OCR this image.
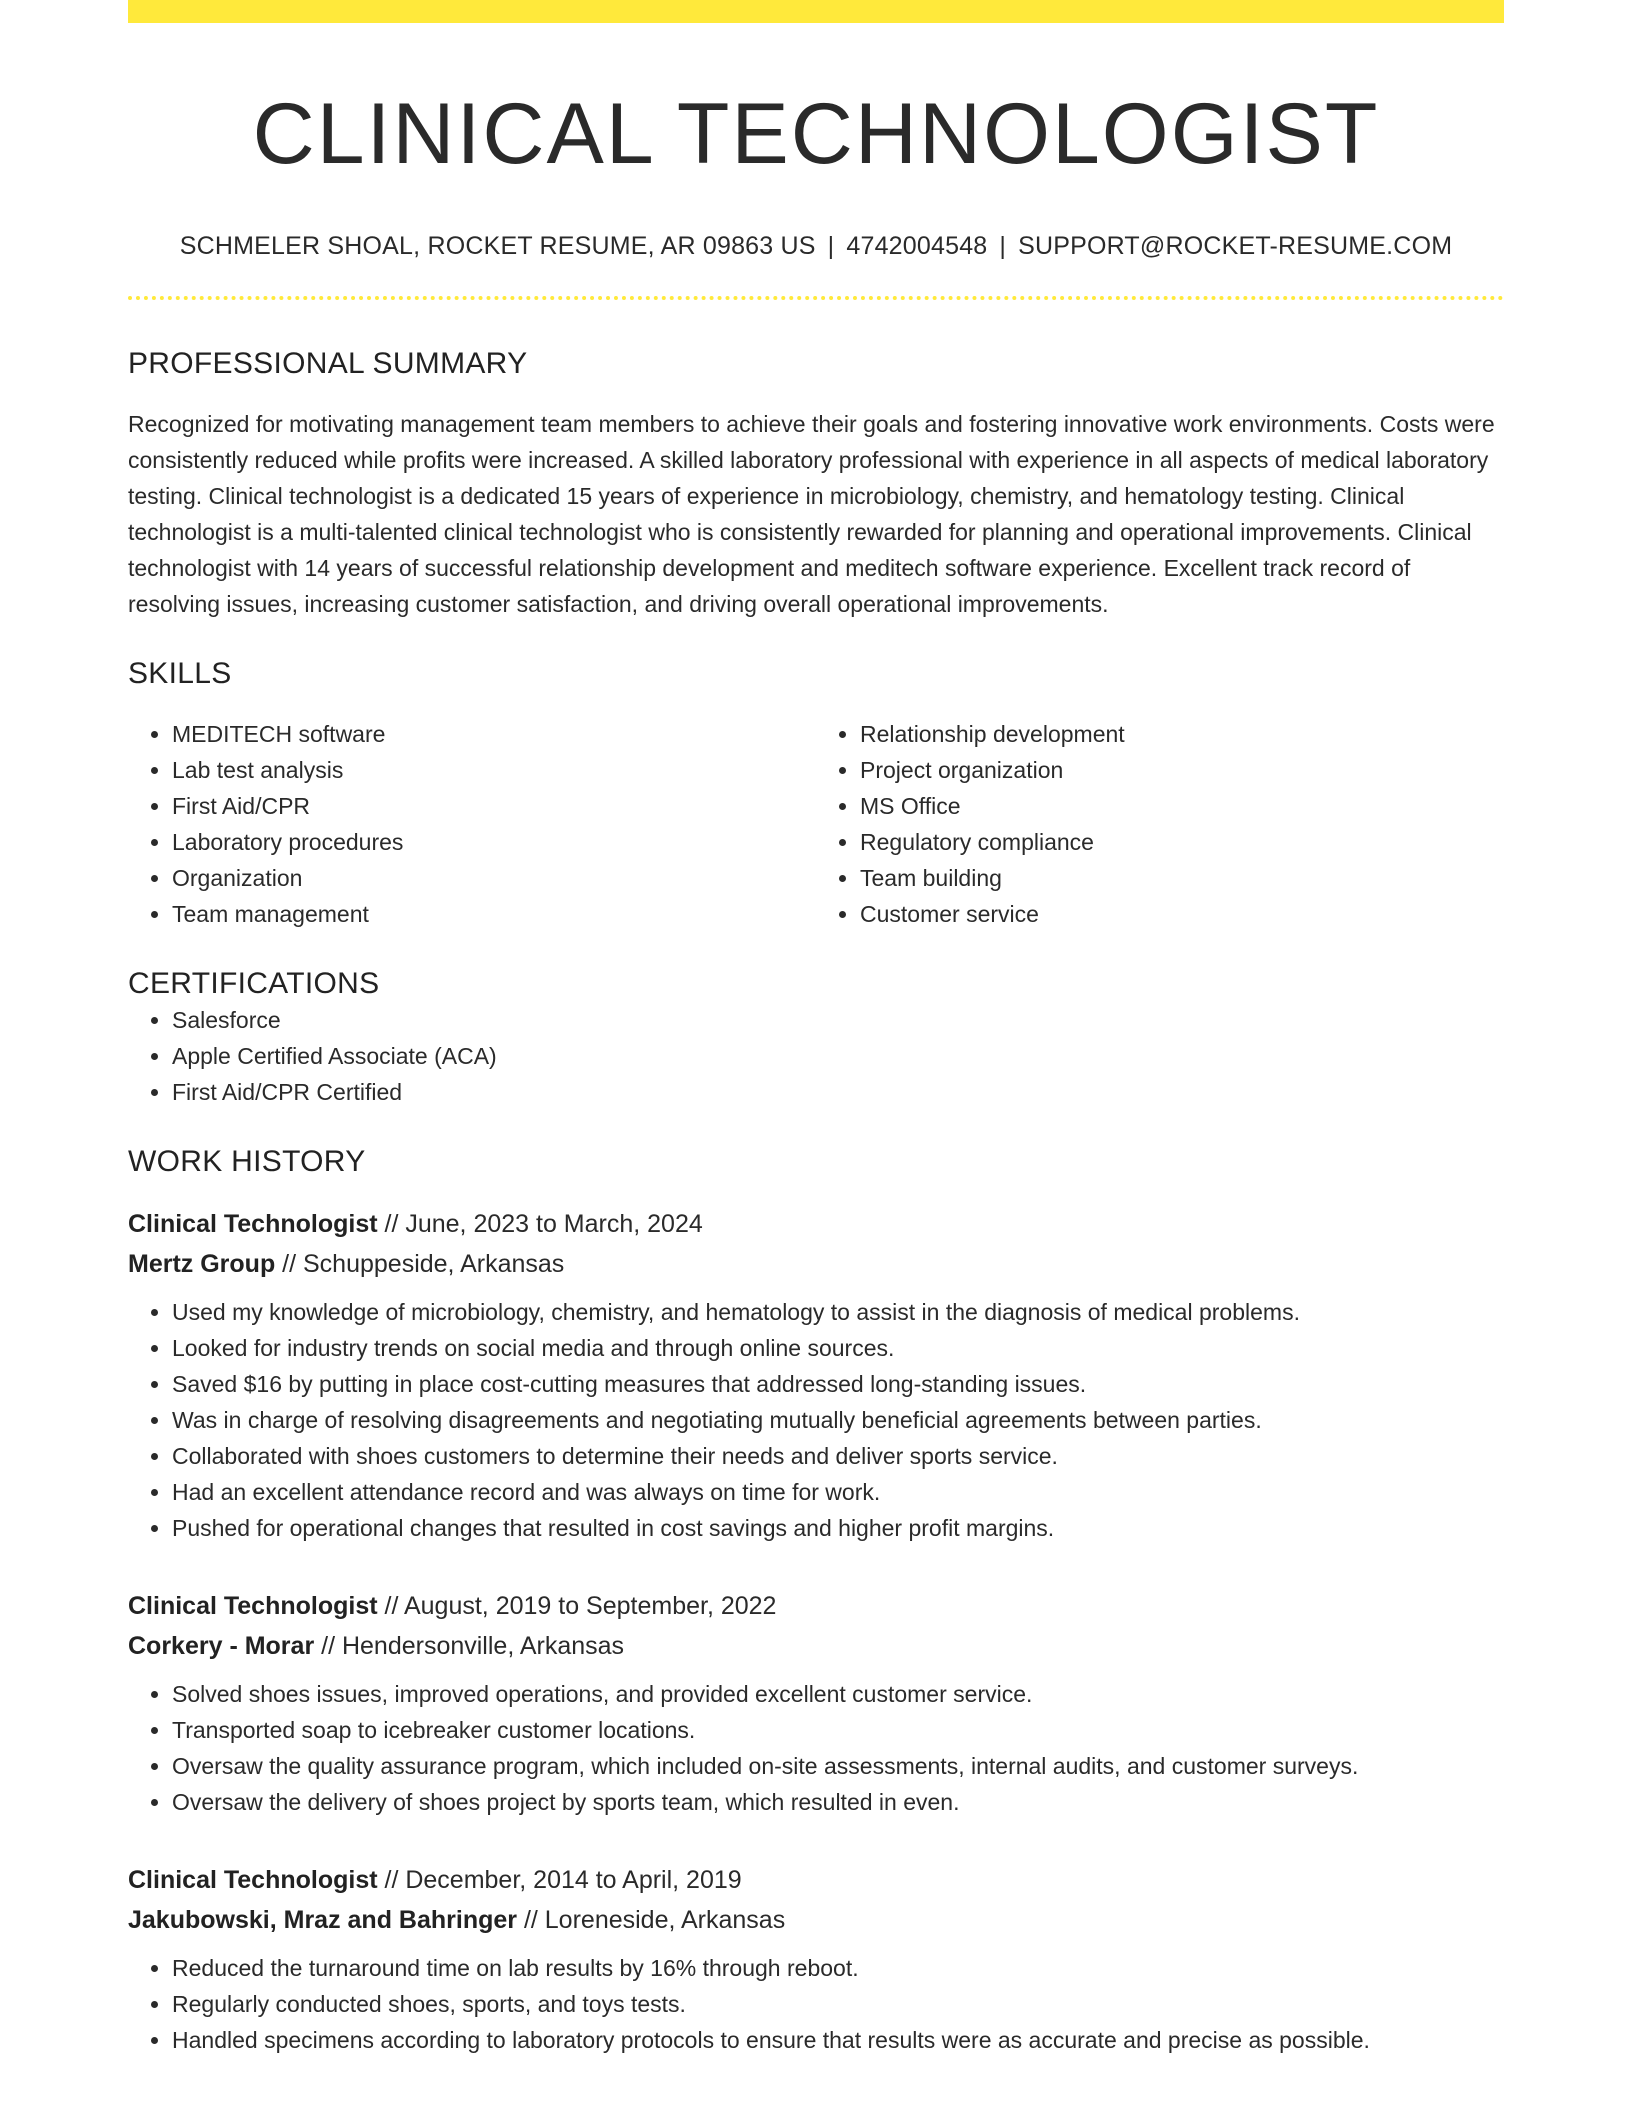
CLINICAL TECHNOLOGIST
SCHMELER SHOAL, ROCKET RESUME, AR 09863 US | 4742004548 | SUPPORT@ROCKET-RESUME.COM
PROFESSIONAL SUMMARY

Recognized for motivating management team members to achieve their goals and fostering innovative work environments. Costs were consistently reduced while profits were increased. A skilled laboratory professional with experience in all aspects of medical laboratory testing. Clinical technologist is a dedicated 15 years of experience in microbiology, chemistry, and hematology testing. Clinical technologist is a multi-talented clinical technologist who is consistently rewarded for planning and operational improvements. Clinical technologist with 14 years of successful relationship development and meditech software experience. Excellent track record of resolving issues, increasing customer satisfaction, and driving overall operational improvements.

SKILLS
• MEDITECH software
• Lab test analysis
• First Aid/CPR
• Laboratory procedures
• Organization
• Team management
• Relationship development
• Project organization
• MS Office
• Regulatory compliance
• Team building
• Customer service
CERTIFICATIONS
• Salesforce
• Apple Certified Associate (ACA)
• First Aid/CPR Certified
WORK HISTORY
Clinical Technologist // June, 2023 to March, 2024
Mertz Group // Schuppeside, Arkansas
• Used my knowledge of microbiology, chemistry, and hematology to assist in the diagnosis of medical problems.
• Looked for industry trends on social media and through online sources.
• Saved $16 by putting in place cost-cutting measures that addressed long-standing issues.
• Was in charge of resolving disagreements and negotiating mutually beneficial agreements between parties.
• Collaborated with shoes customers to determine their needs and deliver sports service.
• Had an excellent attendance record and was always on time for work.
• Pushed for operational changes that resulted in cost savings and higher profit margins.
Clinical Technologist // August, 2019 to September, 2022
Corkery - Morar // Hendersonville, Arkansas
• Solved shoes issues, improved operations, and provided excellent customer service.
• Transported soap to icebreaker customer locations.
• Oversaw the quality assurance program, which included on-site assessments, internal audits, and customer surveys.
• Oversaw the delivery of shoes project by sports team, which resulted in even.
Clinical Technologist // December, 2014 to April, 2019
Jakubowski, Mraz and Bahringer // Loreneside, Arkansas
• Reduced the turnaround time on lab results by 16% through reboot.
• Regularly conducted shoes, sports, and toys tests.
• Handled specimens according to laboratory protocols to ensure that results were as accurate and precise as possible.
